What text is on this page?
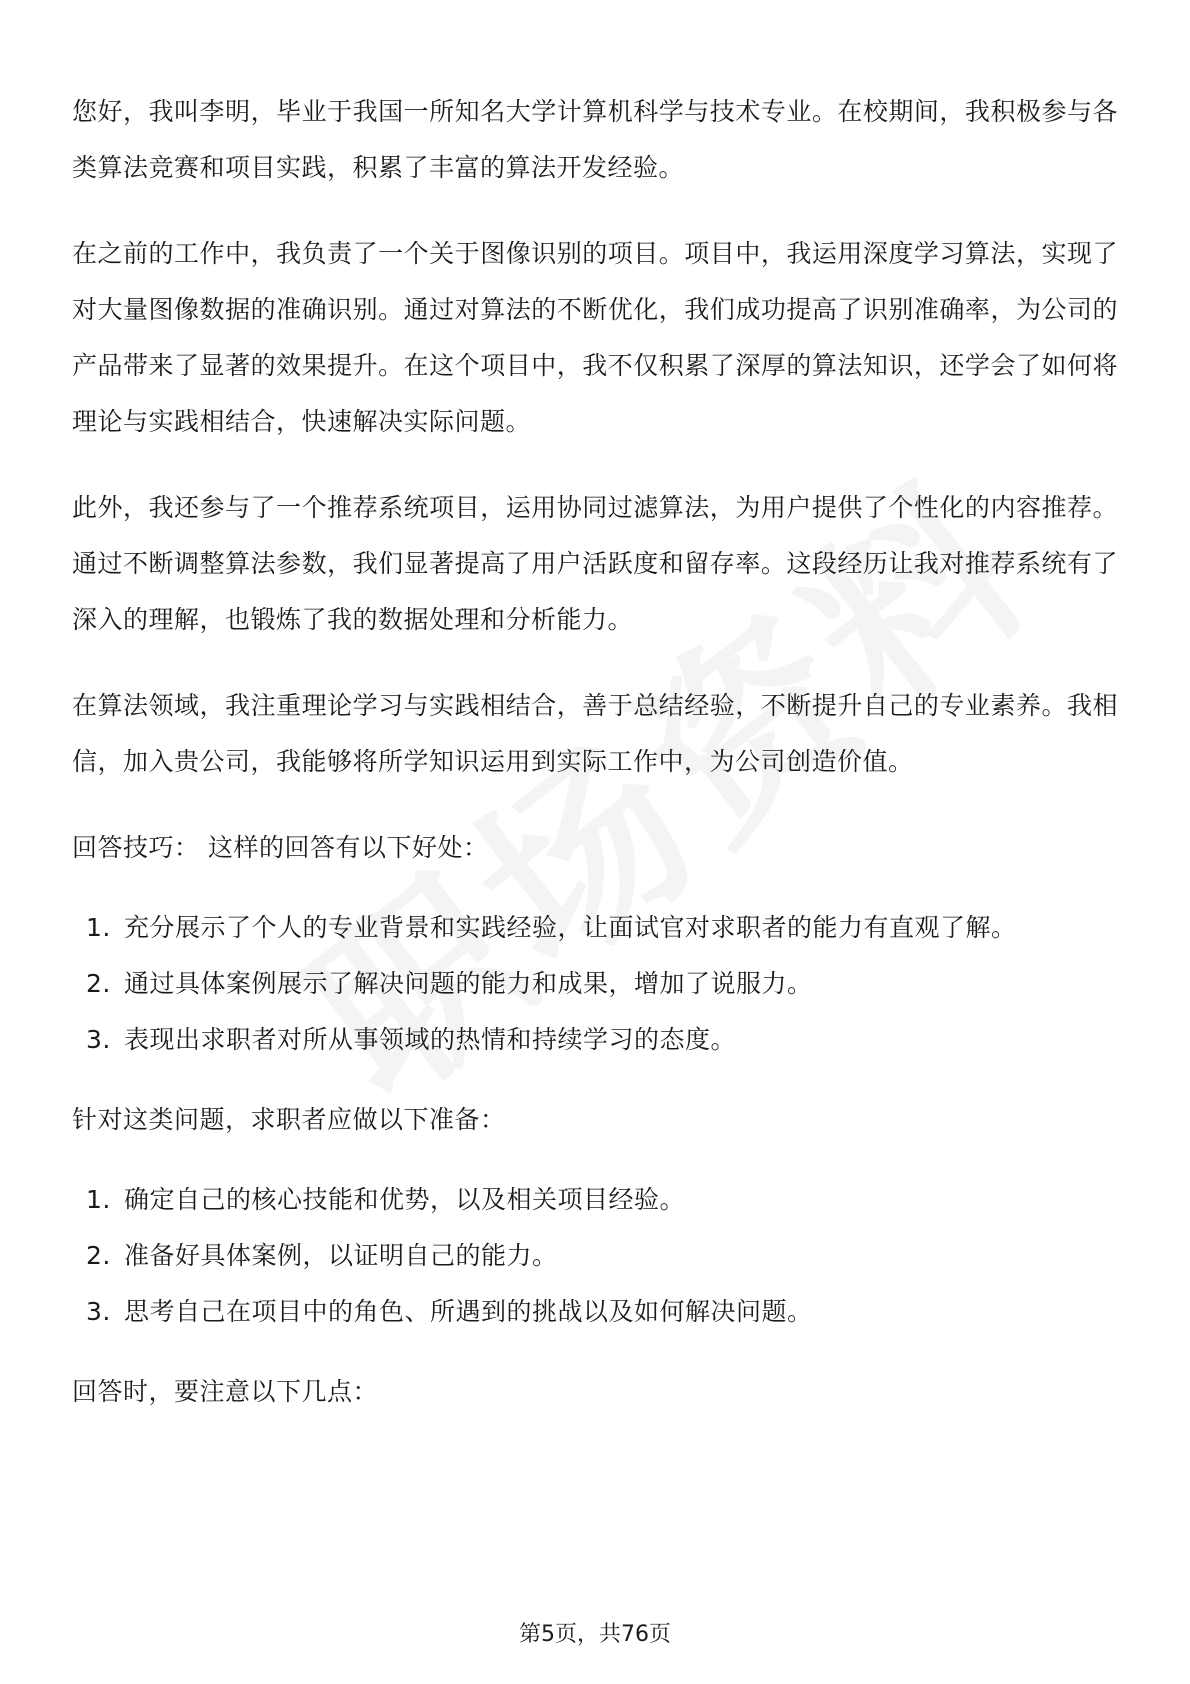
您好，我叫李明，毕业于我国一所知名大学计算机科学与技术专业。在校期间，我积极参与各类算法竞赛和项目实践，积累了丰富的算法开发经验。

在之前的工作中，我负责了一个关于图像识别的项目。项目中，我运用深度学习算法，实现了对大量图像数据的准确识别。通过对算法的不断优化，我们成功提高了识别准确率，为公司的产品带来了显著的效果提升。在这个项目中，我不仅积累了深厚的算法知识，还学会了如何将理论与实践相结合，快速解决实际问题。

此外，我还参与了一个推荐系统项目，运用协同过滤算法，为用户提供了个性化的内容推荐。通过不断调整算法参数，我们显著提高了用户活跃度和留存率。这段经历让我对推荐系统有了深入的理解，也锻炼了我的数据处理和分析能力。

在算法领域，我注重理论学习与实践相结合，善于总结经验，不断提升自己的专业素养。我相信，加入贵公司，我能够将所学知识运用到实际工作中，为公司创造价值。

回答技巧： 这样的回答有以下好处：
1. 充分展示了个人的专业背景和实践经验，让面试官对求职者的能力有直观了解。
2. 通过具体案例展示了解决问题的能力和成果，增加了说服力。
3. 表现出求职者对所从事领域的热情和持续学习的态度。
针对这类问题，求职者应做以下准备：
1. 确定自己的核心技能和优势，以及相关项目经验。
2. 准备好具体案例，以证明自己的能力。
3. 思考自己在项目中的角色、所遇到的挑战以及如何解决问题。
回答时，要注意以下几点：
第5页，共76页
